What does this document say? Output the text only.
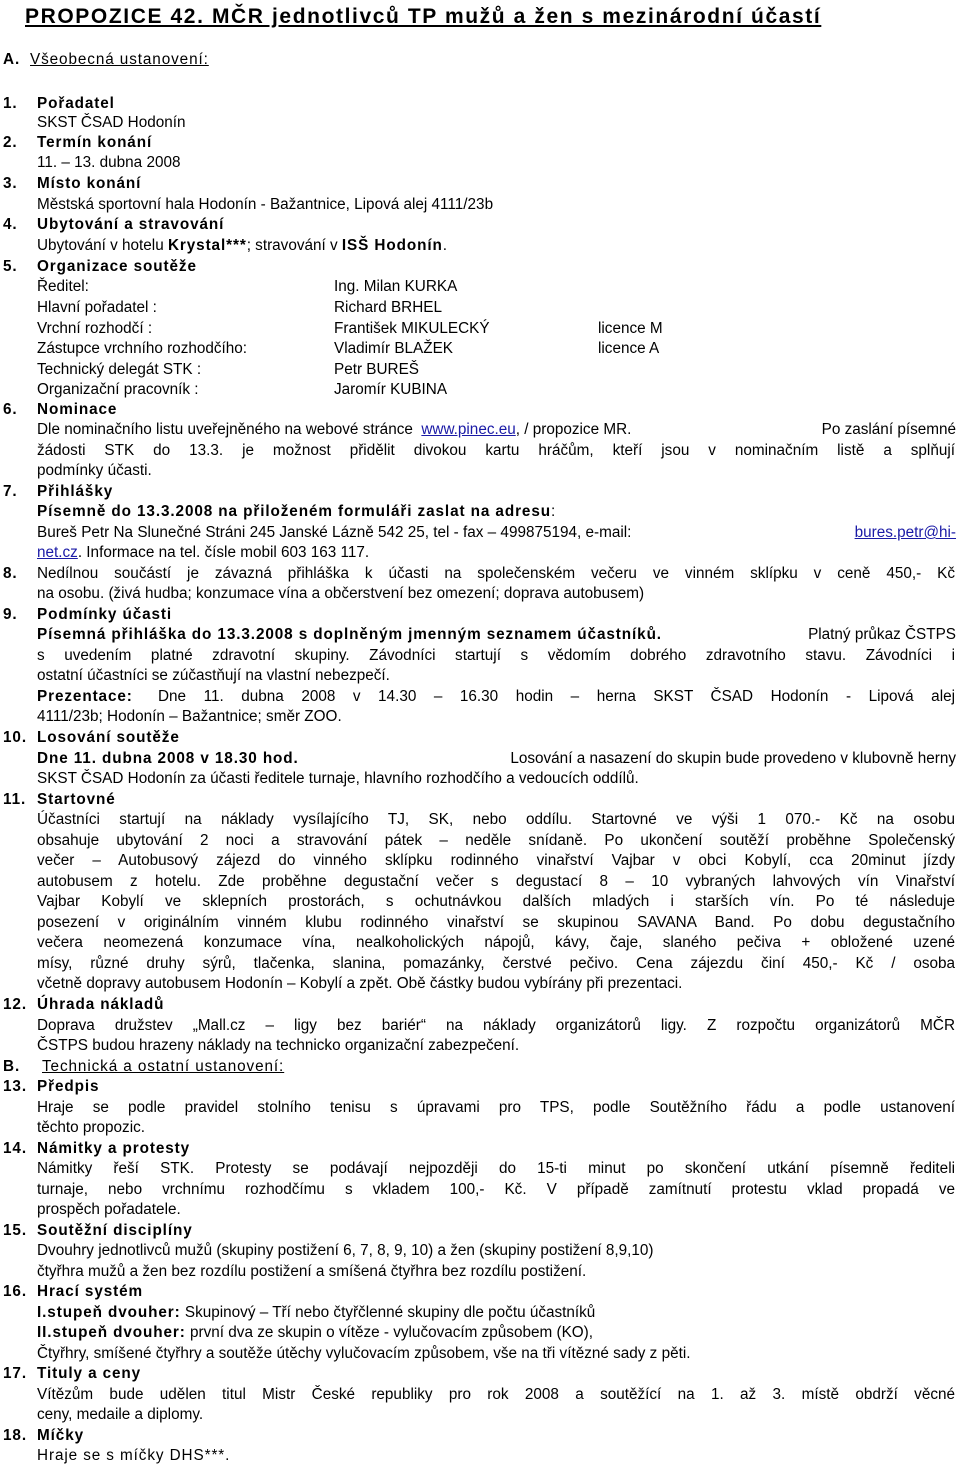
PROPOZICE 42. MČR jednotlivců TP mužů a žen s mezinárodní účastí
A. Všeobecná ustanovení:
1. Pořadatel
SKST ČSAD Hodonín
2. Termín konání
11. – 13. dubna 2008
3. Místo konání
Městská sportovní hala Hodonín - Bažantnice, Lipová alej 4111/23b
4. Ubytování a stravování
Ubytování v hotelu Krystal***; stravování v ISŠ Hodonín.
5. Organizace soutěže
Ředitel:	Ing. Milan KURKA
Hlavní pořadatel :	Richard BRHEL
Vrchní rozhodčí :	František MIKULECKÝ	licence M
Zástupce vrchního rozhodčího:	Vladimír BLAŽEK	licence A
Technický delegát STK :	Petr BUREŠ
Organizační pracovník :	Jaromír KUBINA
6. Nominace
Dle nominačního listu uveřejněného na webové stránce www.pinec.eu, / propozice MR.	Po zaslání písemné
žádosti STK do 13.3. je možnost přidělit divokou kartu hráčům, kteří jsou v nominačním listě a splňují
podmínky účasti.
7. Přihlášky
Písemně do 13.3.2008 na přiloženém formuláři zaslat na adresu:
Bureš Petr Na Slunečné Stráni 245 Janské Lázně 542 25, tel - fax – 499875194, e-mail:	bures.petr@hi-
net.cz. Informace na tel. čísle mobil 603 163 117.
8. Nedílnou součástí je závazná přihláška k účasti na společenském večeru ve vinném sklípku v ceně 450,- Kč
na osobu. (živá hudba; konzumace vína a občerstvení bez omezení; doprava autobusem)
9. Podmínky účasti
Písemná přihláška do 13.3.2008 s doplněným jmenným seznamem účastníků.	Platný průkaz ČSTPS
s uvedením platné zdravotní skupiny. Závodníci startují s vědomím dobrého zdravotního stavu. Závodníci i
ostatní účastníci se zúčastňují na vlastní nebezpečí.
Prezentace: Dne 11. dubna 2008 v 14.30 – 16.30 hodin – herna SKST ČSAD Hodonín - Lipová alej
4111/23b; Hodonín – Bažantnice; směr ZOO.
10. Losování soutěže
Dne 11. dubna 2008 v 18.30 hod.	Losování a nasazení do skupin bude provedeno v klubovně herny
SKST ČSAD Hodonín za účasti ředitele turnaje, hlavního rozhodčího a vedoucích oddílů.
11. Startovné
Účastníci startují na náklady vysílajícího TJ, SK, nebo oddílu. Startovné ve výši 1 070.- Kč na osobu
obsahuje ubytování 2 noci a stravování pátek – neděle snídaně. Po ukončení soutěží proběhne Společenský
večer – Autobusový zájezd do vinného sklípku rodinného vinařství Vajbar v obci Kobylí, cca 20minut jízdy
autobusem z hotelu. Zde proběhne degustační večer s degustací 8 – 10 vybraných lahvových vín Vinařství
Vajbar Kobylí ve sklepních prostorách, s ochutnávkou dalších mladých i starších vín. Po té následuje
posezení v originálním vinném klubu rodinného vinařství se skupinou SAVANA Band. Po dobu degustačního
večera neomezená konzumace vína, nealkoholických nápojů, kávy, čaje, slaného pečiva + obložené uzené
mísy, různé druhy sýrů, tlačenka, slanina, pomazánky, čerstvé pečivo. Cena zájezdu činí 450,- Kč / osoba
včetně dopravy autobusem Hodonín – Kobylí a zpět. Obě částky budou vybírány při prezentaci.
12. Úhrada nákladů
Doprava družstev „Mall.cz – ligy bez bariér“ na náklady organizátorů ligy. Z rozpočtu organizátorů MČR
ČSTPS budou hrazeny náklady na technicko organizační zabezpečení.
B. Technická a ostatní ustanovení:
13. Předpis
Hraje se podle pravidel stolního tenisu s úpravami pro TPS, podle Soutěžního řádu a podle ustanovení
těchto propozic.
14. Námitky a protesty
Námitky řeší STK. Protesty se podávají nejpozději do 15-ti minut po skončení utkání písemně řediteli
turnaje, nebo vrchnímu rozhodčímu s vkladem 100,- Kč. V případě zamítnutí protestu vklad propadá ve
prospěch pořadatele.
15. Soutěžní disciplíny
Dvouhry jednotlivců mužů (skupiny postižení 6, 7, 8, 9, 10) a žen (skupiny postižení 8,9,10)
čtyřhra mužů a žen bez rozdílu postižení a smíšená čtyřhra bez rozdílu postižení.
16. Hrací systém
I.stupeň dvouher: Skupinový – Tří nebo čtyřčlenné skupiny dle počtu účastníků
II.stupeň dvouher: první dva ze skupin o vítěze - vylučovacím způsobem (KO),
Čtyřhry, smíšené čtyřhry a soutěže útěchy vylučovacím způsobem, vše na tři vítězné sady z pěti.
17. Tituly a ceny
Vítězům bude udělen titul Mistr České republiky pro rok 2008 a soutěžící na 1. až 3. místě obdrží věcné
ceny, medaile a diplomy.
18. Míčky
Hraje se s míčky DHS***.
